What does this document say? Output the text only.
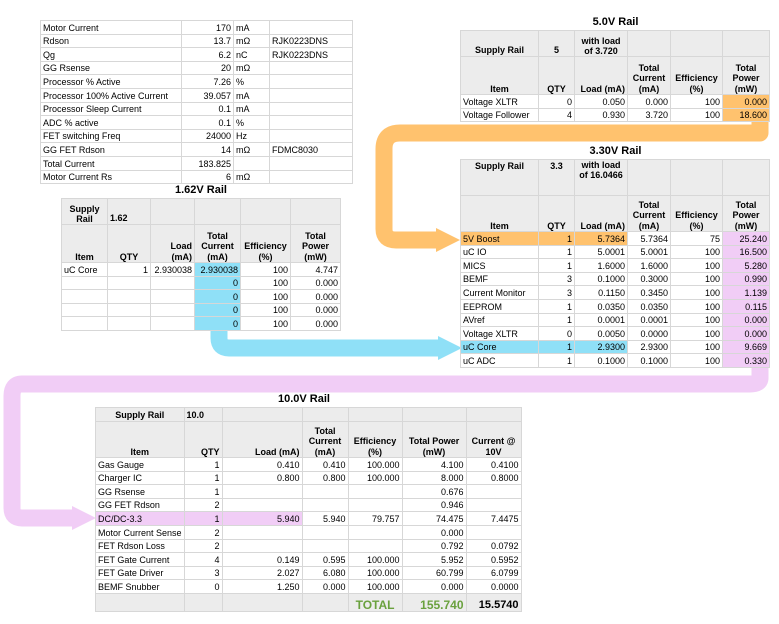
Motor Current	170	mA	
Rdson	13.7	mΩ	RJK0223DNS
Qg	6.2	nC	RJK0223DNS
GG Rsense	20	mΩ	
Processor % Active	7.26	%	
Processor 100% Active Current	39.057	mA	
Processor Sleep Current	0.1	mA	
ADC % active	0.1	%	
FET switching Freq	24000	Hz	
GG FET Rdson	14	mΩ	FDMC8030
Total Current	183.825		
Motor Current Rs	6	mΩ	
1.62V Rail
Supply Rail	1.62				
Item	QTY	Load (mA)	Total Current (mA)	Efficiency (%)	Total Power (mW)
uC Core	1	2.930038	2.930038	100	4.747
			0	100	0.000
			0	100	0.000
			0	100	0.000
			0	100	0.000
5.0V Rail
Supply Rail	5	with load of 3.720			
Item	QTY	Load (mA)	Total Current (mA)	Efficiency (%)	Total Power (mW)
Voltage XLTR	0	0.050	0.000	100	0.000
Voltage Follower	4	0.930	3.720	100	18.600
3.30V Rail
Supply Rail	3.3	with load of 16.0466			
Item	QTY	Load (mA)	Total Current (mA)	Efficiency (%)	Total Power (mW)
5V Boost	1	5.7364	5.7364	75	25.240
uC IO	1	5.0001	5.0001	100	16.500
MICS	1	1.6000	1.6000	100	5.280
BEMF	3	0.1000	0.3000	100	0.990
Current Monitor	3	0.1150	0.3450	100	1.139
EEPROM	1	0.0350	0.0350	100	0.115
AVref	1	0.0001	0.0001	100	0.000
Voltage XLTR	0	0.0050	0.0000	100	0.000
uC Core	1	2.9300	2.9300	100	9.669
uC ADC	1	0.1000	0.1000	100	0.330
10.0V Rail
Supply Rail	10.0					
Item	QTY	Load (mA)	Total Current (mA)	Efficiency (%)	Total Power (mW)	Current @ 10V
Gas Gauge	1	0.410	0.410	100.000	4.100	0.4100
Charger IC	1	0.800	0.800	100.000	8.000	0.8000
GG Rsense	1				0.676	
GG FET Rdson	2				0.946	
DC/DC-3.3	1	5.940	5.940	79.757	74.475	7.4475
Motor Current Sense	2				0.000	
FET Rdson Loss	2				0.792	0.0792
FET Gate Current	4	0.149	0.595	100.000	5.952	0.5952
FET Gate Driver	3	2.027	6.080	100.000	60.799	6.0799
BEMF Snubber	0	1.250	0.000	100.000	0.000	0.0000
				TOTAL	155.740	15.5740
